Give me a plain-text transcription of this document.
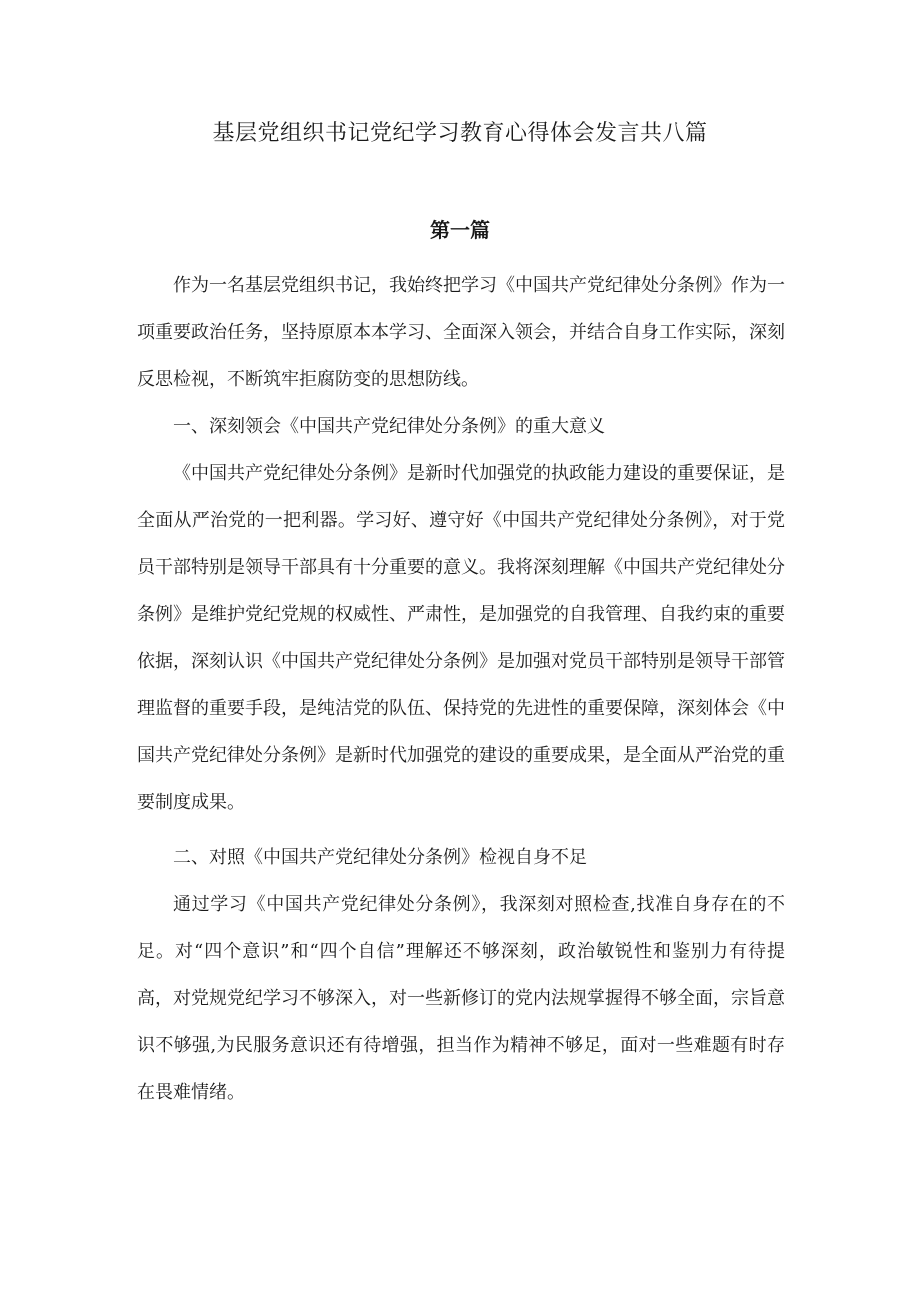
基层党组织书记党纪学习教育心得体会发言共八篇
第一篇

作为一名基层党组织书记，我始终把学习《中国共产党纪律处分条例》作为一项重要政治任务，坚持原原本本学习、全面深入领会，并结合自身工作实际，深刻反思检视，不断筑牢拒腐防变的思想防线。

一、深刻领会《中国共产党纪律处分条例》的重大意义

《中国共产党纪律处分条例》是新时代加强党的执政能力建设的重要保证，是全面从严治党的一把利器。学习好、遵守好《中国共产党纪律处分条例》，对于党员干部特别是领导干部具有十分重要的意义。我将深刻理解《中国共产党纪律处分条例》是维护党纪党规的权威性、严肃性，是加强党的自我管理、自我约束的重要依据，深刻认识《中国共产党纪律处分条例》是加强对党员干部特别是领导干部管理监督的重要手段，是纯洁党的队伍、保持党的先进性的重要保障，深刻体会《中国共产党纪律处分条例》是新时代加强党的建设的重要成果，是全面从严治党的重要制度成果。

二、对照《中国共产党纪律处分条例》检视自身不足

通过学习《中国共产党纪律处分条例》，我深刻对照检查,找准自身存在的不足。对“四个意识”和“四个自信”理解还不够深刻，政治敏锐性和鉴别力有待提高，对党规党纪学习不够深入，对一些新修订的党内法规掌握得不够全面，宗旨意识不够强,为民服务意识还有待增强，担当作为精神不够足，面对一些难题有时存在畏难情绪。
